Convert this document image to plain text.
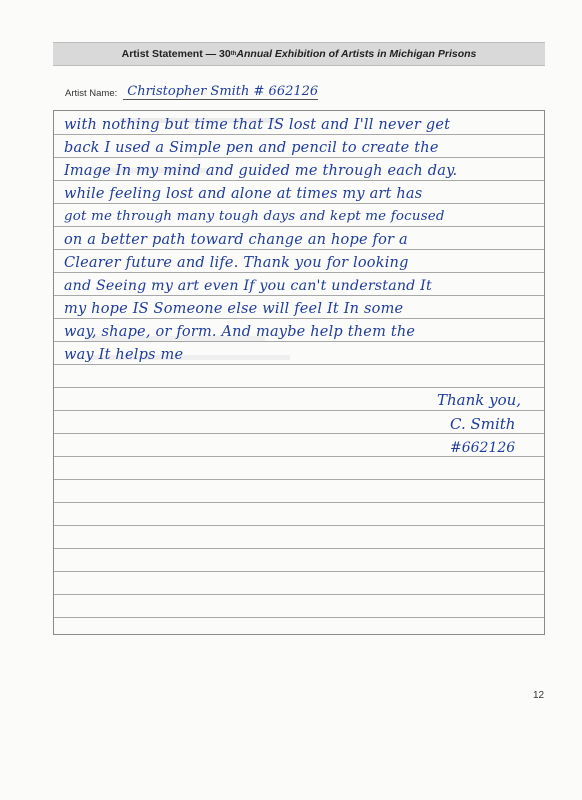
Artist Statement — 30 th Annual Exhibition of Artists in Michigan Prisons
Artist Name: Christopher Smith # 662126
with nothing but time that IS lost and I'll never get
back I used a Simple pen and pencil to create the
Image In my mind and guided me through each day.
while feeling lost and alone at times my art has
got me through many tough days and kept me focused
on a better path toward change an hope for a
Clearer future and life. Thank you for looking
and Seeing my art even If you can't understand It
my hope IS Someone else will feel It In some
way, shape, or form. And maybe help them the
way It helps me
Thank you,
C. Smith
#662126
12
